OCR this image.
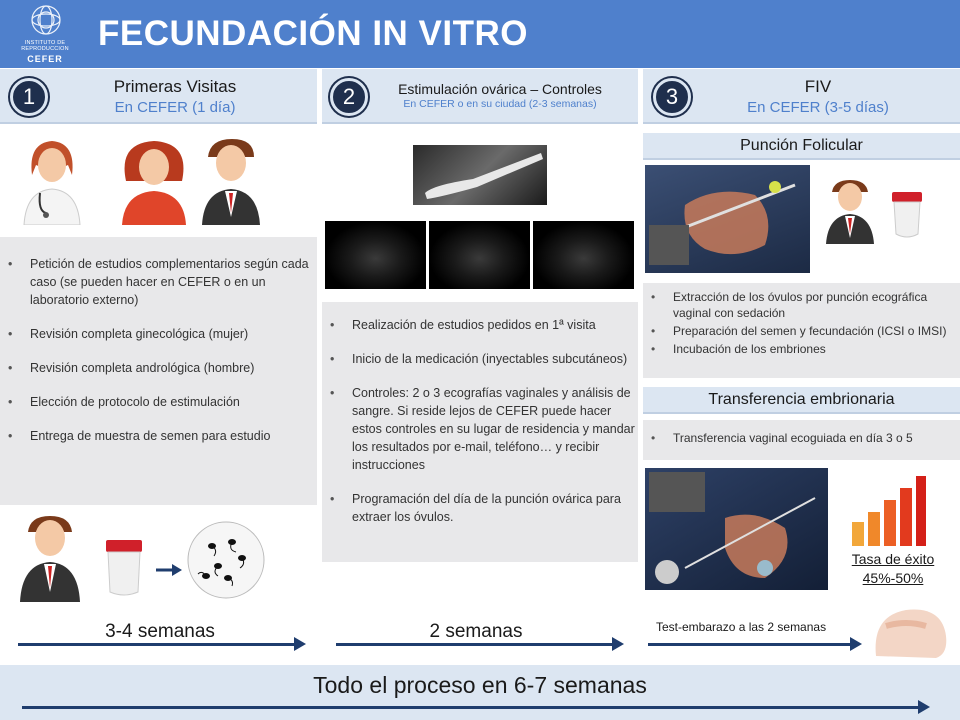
INSTITUTO DE REPRODUCCION
CEFER
FECUNDACIÓN IN VITRO
1	Primeras Visitas
En CEFER (1 día)	2	Estimulación ovárica – Controles
En CEFER o en su ciudad (2-3 semanas)	3	FIV
En CEFER (3-5 días)
• Petición de estudios complementarios según cada caso (se pueden hacer en CEFER o en un laboratorio externo)
• Revisión completa ginecológica (mujer)
• Revisión completa andrológica (hombre)
• Elección de protocolo de estimulación
• Entrega de muestra de semen para estudio
• Realización de estudios pedidos en 1ª visita
• Inicio de la medicación (inyectables subcutáneos)
• Controles: 2 o 3 ecografías vaginales y análisis de sangre. Si reside lejos de CEFER puede hacer estos controles en su lugar de residencia y mandar los resultados por e-mail, teléfono… y recibir instrucciones
• Programación del día de la punción ovárica para extraer los óvulos.
Punción Folicular
• Extracción de los óvulos por punción ecográfica vaginal con sedación
• Preparación del semen y fecundación (ICSI o IMSI)
• Incubación de los embriones
Transferencia embrionaria
• Transferencia vaginal ecoguiada en día 3 o 5
Tasa de éxito
45%-50%
3-4 semanas	2 semanas	Test-embarazo a las 2 semanas
Todo el proceso en 6-7 semanas
